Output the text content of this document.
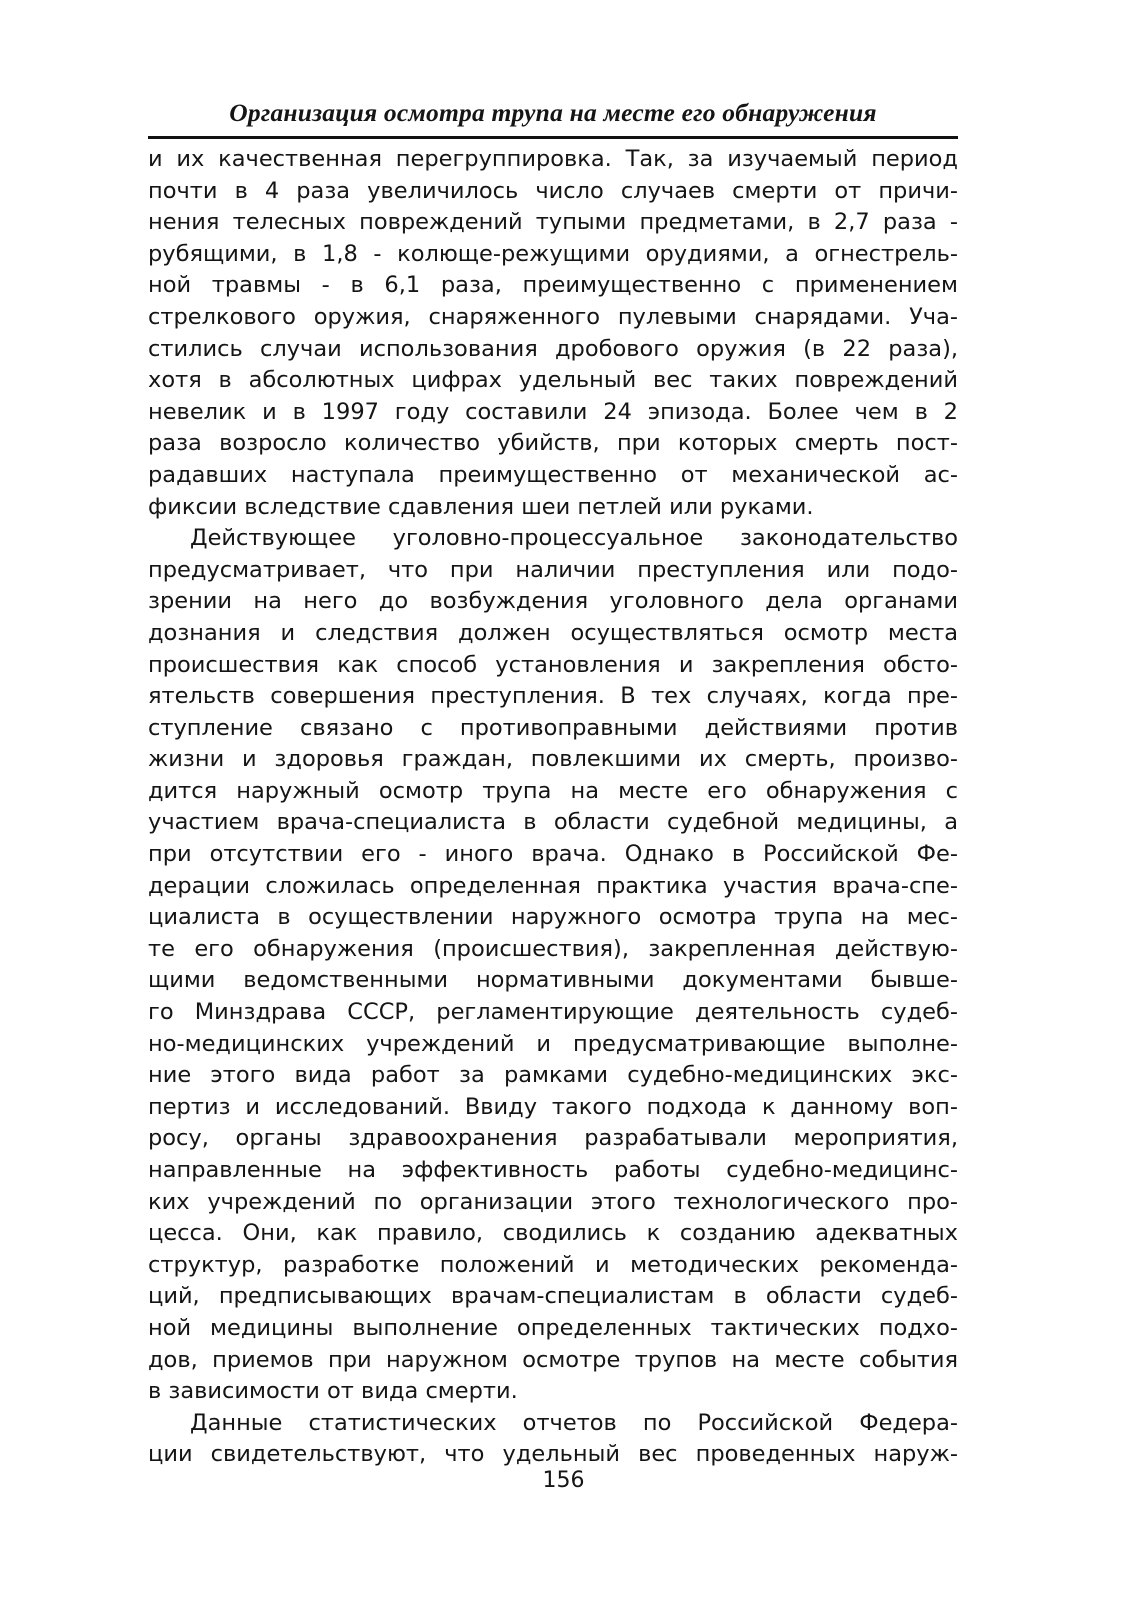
Организация осмотра трупа на месте его обнаружения
и их качественная перегруппировка. Так, за изучаемый период
почти в 4 раза увеличилось число случаев смерти от причи-
нения телесных повреждений тупыми предметами, в 2,7 раза -
рубящими, в 1,8 - колюще-режущими орудиями, а огнестрель-
ной травмы - в 6,1 раза, преимущественно с применением
стрелкового оружия, снаряженного пулевыми снарядами. Уча-
стились случаи использования дробового оружия (в 22 раза),
хотя в абсолютных цифрах удельный вес таких повреждений
невелик и в 1997 году составили 24 эпизода. Более чем в 2
раза возросло количество убийств, при которых смерть пост-
радавших наступала преимущественно от механической ас-
фиксии вследствие сдавления шеи петлей или руками.
Действующее уголовно-процессуальное законодательство
предусматривает, что при наличии преступления или подо-
зрении на него до возбуждения уголовного дела органами
дознания и следствия должен осуществляться осмотр места
происшествия как способ установления и закрепления обсто-
ятельств совершения преступления. В тех случаях, когда пре-
ступление связано с противоправными действиями против
жизни и здоровья граждан, повлекшими их смерть, произво-
дится наружный осмотр трупа на месте его обнаружения с
участием врача-специалиста в области судебной медицины, а
при отсутствии его - иного врача. Однако в Российской Фе-
дерации сложилась определенная практика участия врача-спе-
циалиста в осуществлении наружного осмотра трупа на мес-
те его обнаружения (происшествия), закрепленная действую-
щими ведомственными нормативными документами бывше-
го Минздрава СССР, регламентирующие деятельность судеб-
но-медицинских учреждений и предусматривающие выполне-
ние этого вида работ за рамками судебно-медицинских экс-
пертиз и исследований. Ввиду такого подхода к данному воп-
росу, органы здравоохранения разрабатывали мероприятия,
направленные на эффективность работы судебно-медицинс-
ких учреждений по организации этого технологического про-
цесса. Они, как правило, сводились к созданию адекватных
структур, разработке положений и методических рекоменда-
ций, предписывающих врачам-специалистам в области судеб-
ной медицины выполнение определенных тактических подхо-
дов, приемов при наружном осмотре трупов на месте события
в зависимости от вида смерти.
Данные статистических отчетов по Российской Федера-
ции свидетельствуют, что удельный вес проведенных наруж-
156
